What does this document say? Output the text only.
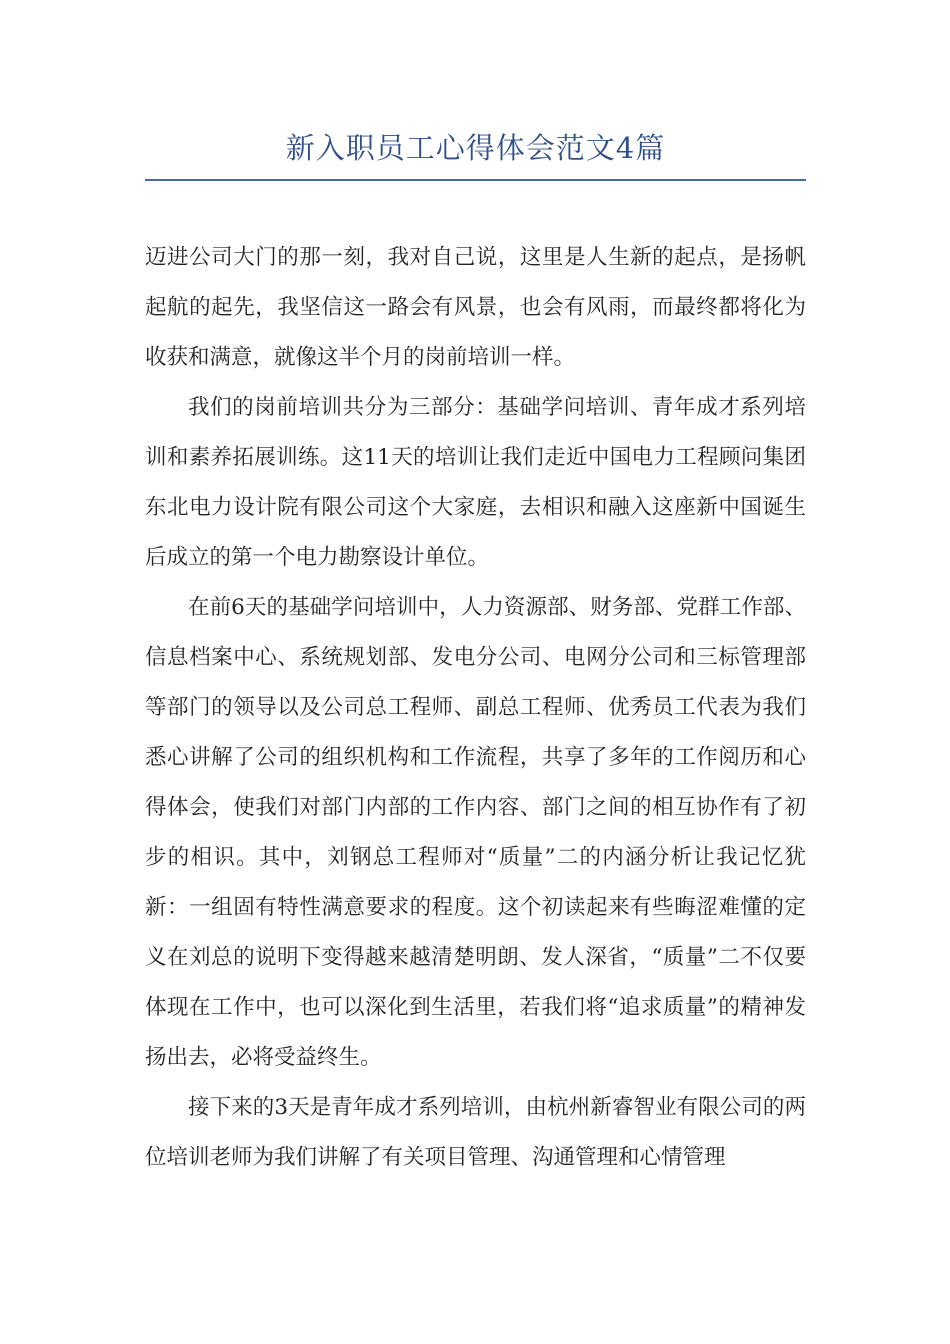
新入职员工心得体会范文4篇

迈进公司大门的那一刻，我对自己说，这里是人生新的起点，是扬帆起航的起先，我坚信这一路会有风景，也会有风雨，而最终都将化为收获和满意，就像这半个月的岗前培训一样。

我们的岗前培训共分为三部分：基础学问培训、青年成才系列培训和素养拓展训练。这11天的培训让我们走近中国电力工程顾问集团东北电力设计院有限公司这个大家庭，去相识和融入这座新中国诞生后成立的第一个电力勘察设计单位。

在前6天的基础学问培训中，人力资源部、财务部、党群工作部、信息档案中心、系统规划部、发电分公司、电网分公司和三标管理部等部门的领导以及公司总工程师、副总工程师、优秀员工代表为我们悉心讲解了公司的组织机构和工作流程，共享了多年的工作阅历和心得体会，使我们对部门内部的工作内容、部门之间的相互协作有了初步的相识。其中，刘钢总工程师对“质量”二的内涵分析让我记忆犹新：一组固有特性满意要求的程度。这个初读起来有些晦涩难懂的定义在刘总的说明下变得越来越清楚明朗、发人深省，“质量”二不仅要体现在工作中，也可以深化到生活里，若我们将“追求质量”的精神发扬出去，必将受益终生。

接下来的3天是青年成才系列培训，由杭州新睿智业有限公司的两位培训老师为我们讲解了有关项目管理、沟通管理和心情管理
